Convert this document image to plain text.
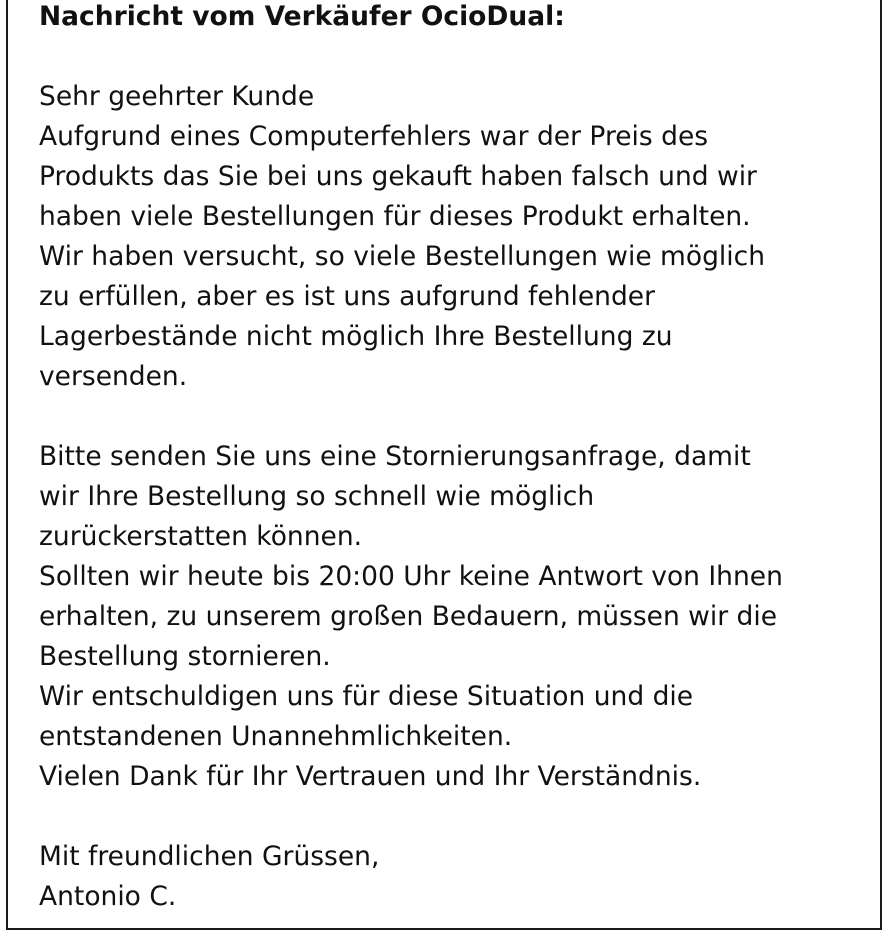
Nachricht vom Verkäufer OcioDual:

Sehr geehrter Kunde

Aufgrund eines Computerfehlers war der Preis des

Produkts das Sie bei uns gekauft haben falsch und wir

haben viele Bestellungen für dieses Produkt erhalten.

Wir haben versucht, so viele Bestellungen wie möglich

zu erfüllen, aber es ist uns aufgrund fehlender

Lagerbestände nicht möglich Ihre Bestellung zu

versenden.

Bitte senden Sie uns eine Stornierungsanfrage, damit

wir Ihre Bestellung so schnell wie möglich

zurückerstatten können.

Sollten wir heute bis 20:00 Uhr keine Antwort von Ihnen

erhalten, zu unserem großen Bedauern, müssen wir die

Bestellung stornieren.

Wir entschuldigen uns für diese Situation und die

entstandenen Unannehmlichkeiten.

Vielen Dank für Ihr Vertrauen und Ihr Verständnis.

Mit freundlichen Grüssen,

Antonio C.
